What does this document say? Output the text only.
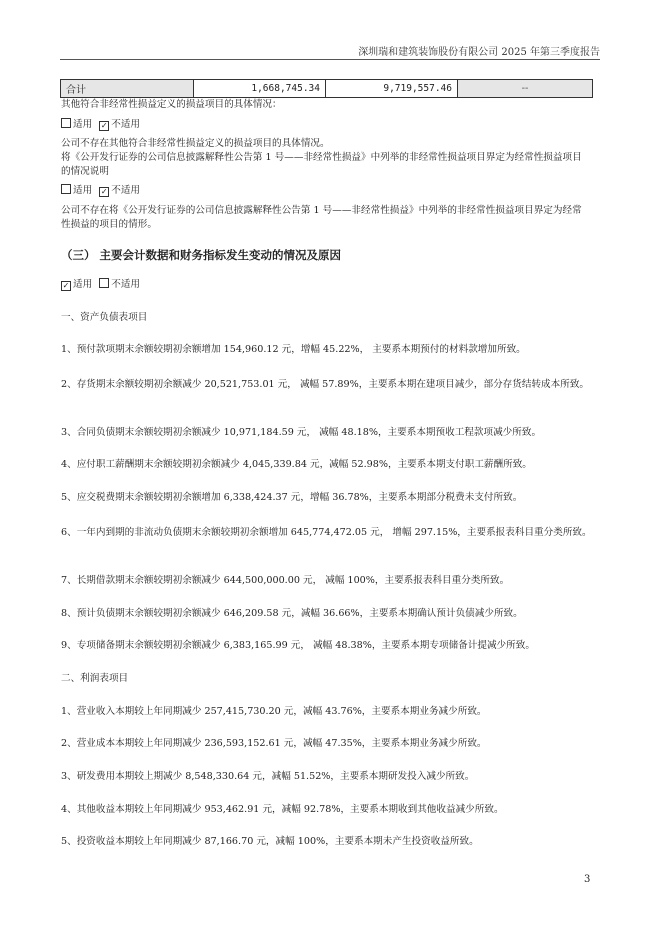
深圳瑞和建筑装饰股份有限公司 2025 年第三季度报告
合计	1,668,745.34	9,719,557.46	--

其他符合非经常性损益定义的损益项目的具体情况：

适用 ✓ 不适用

公司不存在其他符合非经常性损益定义的损益项目的具体情况。

将《公开发行证券的公司信息披露解释性公告第 1 号——非经常性损益》中列举的非经常性损益项目界定为经常性损益项目的情况说明

适用 ✓ 不适用

公司不存在将《公开发行证券的公司信息披露解释性公告第 1 号——非经常性损益》中列举的非经常性损益项目界定为经常性损益的项目的情形。

（三） 主要会计数据和财务指标发生变动的情况及原因

✓ 适用 不适用

一、资产负债表项目

1、预付款项期末余额较期初余额增加 154,960.12 元，增幅 45.22%， 主要系本期预付的材料款增加所致。

2、存货期末余额较期初余额减少 20,521,753.01 元， 减幅 57.89%，主要系本期在建项目减少，部分存货结转成本所致。

3、合同负债期末余额较期初余额减少 10,971,184.59 元， 减幅 48.18%，主要系本期预收工程款项减少所致。

4、应付职工薪酬期末余额较期初余额减少 4,045,339.84 元，减幅 52.98%，主要系本期支付职工薪酬所致。

5、应交税费期末余额较期初余额增加 6,338,424.37 元，增幅 36.78%，主要系本期部分税费未支付所致。

6、一年内到期的非流动负债期末余额较期初余额增加 645,774,472.05 元， 增幅 297.15%，主要系报表科目重分类所致。

7、长期借款期末余额较期初余额减少 644,500,000.00 元， 减幅 100%，主要系报表科目重分类所致。

8、预计负债期末余额较期初余额减少 646,209.58 元，减幅 36.66%，主要系本期确认预计负债减少所致。

9、专项储备期末余额较期初余额减少 6,383,165.99 元， 减幅 48.38%，主要系本期专项储备计提减少所致。

二、利润表项目

1、营业收入本期较上年同期减少 257,415,730.20 元，减幅 43.76%，主要系本期业务减少所致。

2、营业成本本期较上年同期减少 236,593,152.61 元，减幅 47.35%，主要系本期业务减少所致。

3、研发费用本期较上期减少 8,548,330.64 元，减幅 51.52%，主要系本期研发投入减少所致。

4、其他收益本期较上年同期减少 953,462.91 元，减幅 92.78%，主要系本期收到其他收益减少所致。

5、投资收益本期较上年同期减少 87,166.70 元，减幅 100%，主要系本期未产生投资收益所致。

3
